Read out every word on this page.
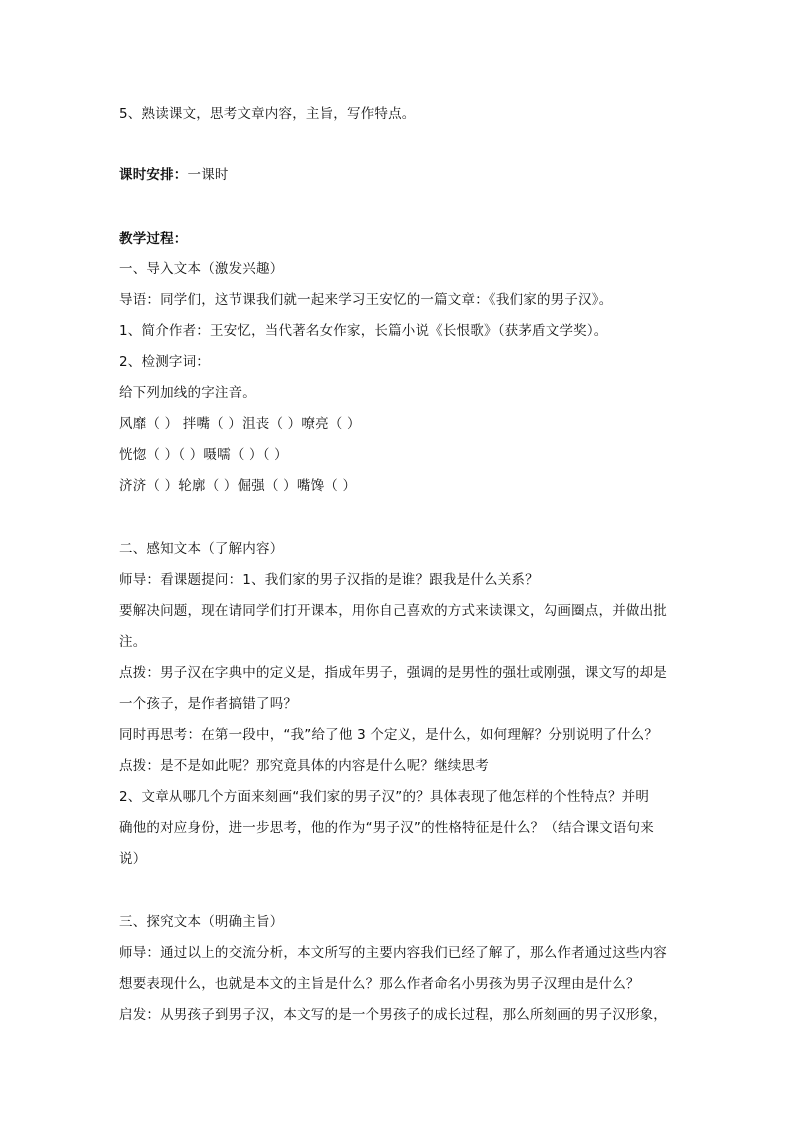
5、熟读课文，思考文章内容，主旨，写作特点。
课时安排：一课时
教学过程：
一、导入文本（激发兴趣）
导语：同学们，这节课我们就一起来学习王安忆的一篇文章：《我们家的男子汉》。
1、简介作者：王安忆，当代著名女作家，长篇小说《长恨歌》（获茅盾文学奖）。
2、检测字词：
给下列加线的字注音。
风靡（ ） 拌嘴（ ）沮丧（ ）嘹亮（ ）
恍惚（ ）（ ）嗫嚅（ ）（ ）
济济（ ）轮廓（ ）倔强（ ）嘴馋（ ）
二、感知文本（了解内容）
师导：看课题提问：1、我们家的男子汉指的是谁？跟我是什么关系？
要解决问题，现在请同学们打开课本，用你自己喜欢的方式来读课文，勾画圈点，并做出批
注。
点拨：男子汉在字典中的定义是，指成年男子，强调的是男性的强壮或刚强，课文写的却是
一个孩子，是作者搞错了吗？
同时再思考：在第一段中，“我”给了他 3 个定义，是什么，如何理解？分别说明了什么？
点拨：是不是如此呢？那究竟具体的内容是什么呢？继续思考
2、文章从哪几个方面来刻画“我们家的男子汉”的？具体表现了他怎样的个性特点？并明
确他的对应身份，进一步思考，他的作为“男子汉”的性格特征是什么？（结合课文语句来
说）
三、探究文本（明确主旨）
师导：通过以上的交流分析，本文所写的主要内容我们已经了解了，那么作者通过这些内容
想要表现什么，也就是本文的主旨是什么？那么作者命名小男孩为男子汉理由是什么？
启发：从男孩子到男子汉，本文写的是一个男孩子的成长过程，那么所刻画的男子汉形象，
